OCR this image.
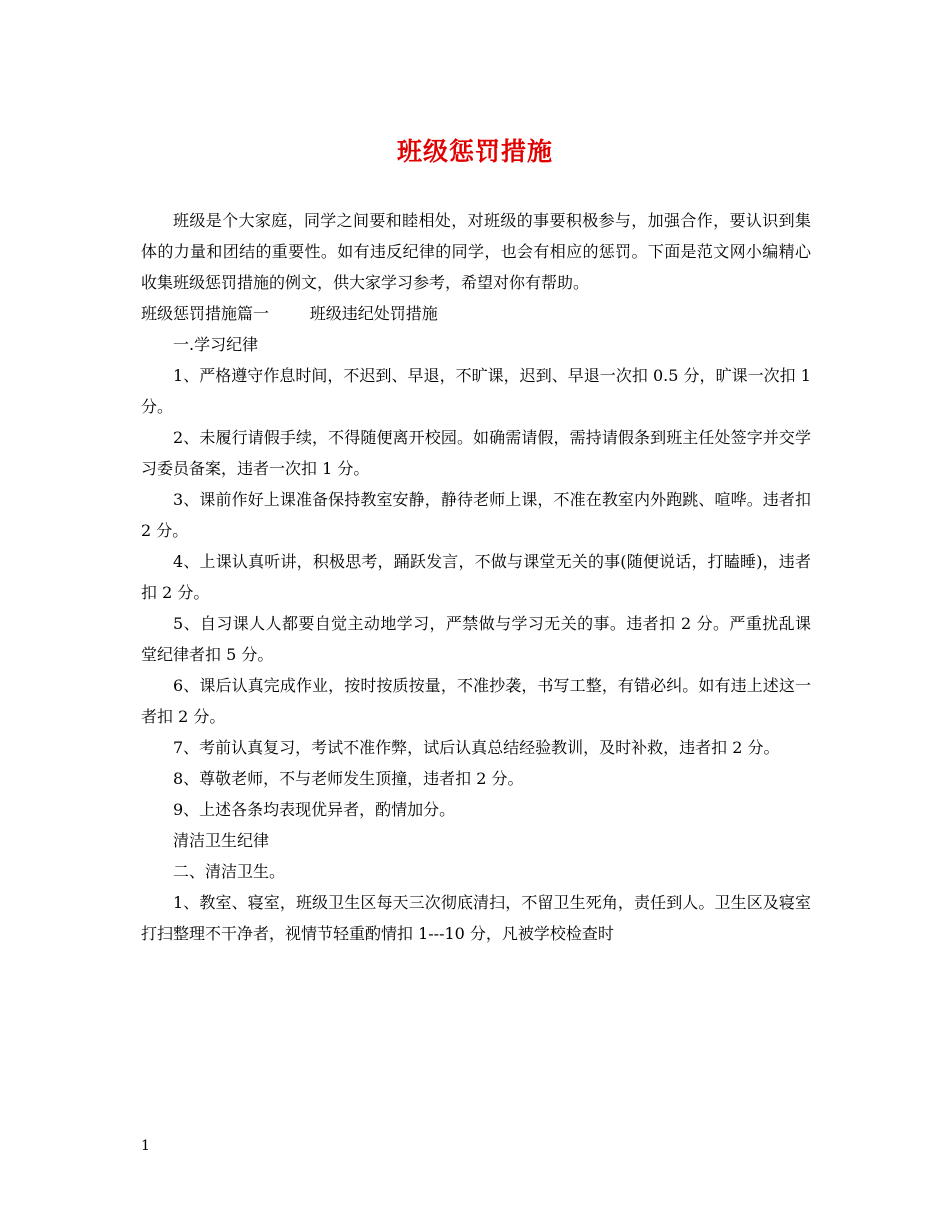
班级惩罚措施

班级是个大家庭，同学之间要和睦相处，对班级的事要积极参与，加强合作，要认识到集体的力量和团结的重要性。如有违反纪律的同学，也会有相应的惩罚。下面是范文网小编精心收集班级惩罚措施的例文，供大家学习参考，希望对你有帮助。

班级惩罚措施篇一        班级违纪处罚措施

一.学习纪律

1、严格遵守作息时间，不迟到、早退，不旷课，迟到、早退一次扣 0.5 分，旷课一次扣 1 分。

2、未履行请假手续，不得随便离开校园。如确需请假，需持请假条到班主任处签字并交学习委员备案，违者一次扣 1 分。

3、课前作好上课准备保持教室安静，静待老师上课，不准在教室内外跑跳、喧哗。违者扣 2 分。

4、上课认真听讲，积极思考，踊跃发言，不做与课堂无关的事(随便说话，打瞌睡)，违者扣 2 分。

5、自习课人人都要自觉主动地学习，严禁做与学习无关的事。违者扣 2 分。严重扰乱课堂纪律者扣 5 分。

6、课后认真完成作业，按时按质按量，不准抄袭，书写工整，有错必纠。如有违上述这一者扣 2 分。

7、考前认真复习，考试不准作弊，试后认真总结经验教训，及时补救，违者扣 2 分。

8、尊敬老师，不与老师发生顶撞，违者扣 2 分。

9、上述各条均表现优异者，酌情加分。

清洁卫生纪律

二、清洁卫生。

1、教室、寝室，班级卫生区每天三次彻底清扫，不留卫生死角，责任到人。卫生区及寝室打扫整理不干净者，视情节轻重酌情扣 1---10 分，凡被学校检查时

1
